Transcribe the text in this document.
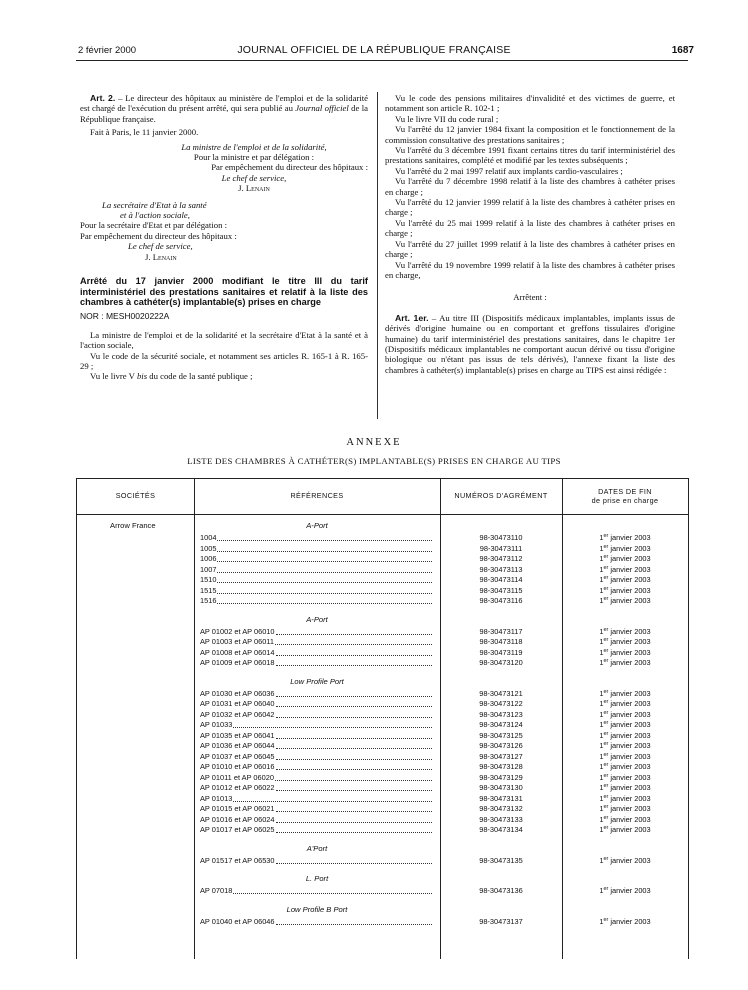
2 février 2000	JOURNAL OFFICIEL DE LA RÉPUBLIQUE FRANÇAISE	1687

Art. 2. – Le directeur des hôpitaux au ministère de l'emploi et de la solidarité est chargé de l'exécution du présent arrêté, qui sera publié au Journal officiel de la République française.

Fait à Paris, le 11 janvier 2000.

La ministre de l'emploi et de la solidarité,

Pour la ministre et par délégation :

Par empêchement du directeur des hôpitaux :

Le chef de service,

J. Lenain

La secrétaire d'Etat à la santé

et à l'action sociale,

Pour la secrétaire d'Etat et par délégation :

Par empêchement du directeur des hôpitaux :

Le chef de service,

J. Lenain

Arrêté du 17 janvier 2000 modifiant le titre III du tarif interministériel des prestations sanitaires et relatif à la liste des chambres à cathéter(s) implantable(s) prises en charge

NOR : MESH0020222A

La ministre de l'emploi et de la solidarité et la secrétaire d'Etat à la santé et à l'action sociale,

Vu le code de la sécurité sociale, et notamment ses articles R. 165-1 à R. 165-29 ;

Vu le livre V bis du code de la santé publique ;

Vu le code des pensions militaires d'invalidité et des victimes de guerre, et notamment son article R. 102-1 ;

Vu le livre VII du code rural ;

Vu l'arrêté du 12 janvier 1984 fixant la composition et le fonctionnement de la commission consultative des prestations sanitaires ;

Vu l'arrêté du 3 décembre 1991 fixant certains titres du tarif interministériel des prestations sanitaires, complété et modifié par les textes subséquents ;

Vu l'arrêté du 2 mai 1997 relatif aux implants cardio-vasculaires ;

Vu l'arrêté du 7 décembre 1998 relatif à la liste des chambres à cathéter prises en charge ;

Vu l'arrêté du 12 janvier 1999 relatif à la liste des chambres à cathéter prises en charge ;

Vu l'arrêté du 25 mai 1999 relatif à la liste des chambres à cathéter prises en charge ;

Vu l'arrêté du 27 juillet 1999 relatif à la liste des chambres à cathéter prises en charge ;

Vu l'arrêté du 19 novembre 1999 relatif à la liste des chambres à cathéter prises en charge,

Arrêtent :

Art. 1er. – Au titre III (Dispositifs médicaux implantables, implants issus de dérivés d'origine humaine ou en comportant et greffons tissulaires d'origine humaine) du tarif interministériel des prestations sanitaires, dans le chapitre 1er (Dispositifs médicaux implantables ne comportant aucun dérivé ou tissu d'origine biologique ou n'étant pas issus de tels dérivés), l'annexe fixant la liste des chambres à cathéter(s) implantable(s) prises en charge au TIPS est ainsi rédigée :

ANNEXE
LISTE DES CHAMBRES À CATHÉTER(S) IMPLANTABLE(S) PRISES EN CHARGE AU TIPS
SOCIÉTÉS	RÉFÉRENCES	NUMÉROS D'AGRÉMENT	DATES DE FIN
de prise en charge
Arrow France	A-Port
1004	98-30473110	1er janvier 2003
1005	98-30473111	1er janvier 2003
1006	98-30473112	1er janvier 2003
1007	98-30473113	1er janvier 2003
1510	98-30473114	1er janvier 2003
1515	98-30473115	1er janvier 2003
1516	98-30473116	1er janvier 2003
A-Port
AP 01002 et AP 06010	98-30473117	1er janvier 2003
AP 01003 et AP 06011	98-30473118	1er janvier 2003
AP 01008 et AP 06014	98-30473119	1er janvier 2003
AP 01009 et AP 06018	98-30473120	1er janvier 2003
Low Profile Port
AP 01030 et AP 06036	98-30473121	1er janvier 2003
AP 01031 et AP 06040	98-30473122	1er janvier 2003
AP 01032 et AP 06042	98-30473123	1er janvier 2003
AP 01033	98-30473124	1er janvier 2003
AP 01035 et AP 06041	98-30473125	1er janvier 2003
AP 01036 et AP 06044	98-30473126	1er janvier 2003
AP 01037 et AP 06045	98-30473127	1er janvier 2003
AP 01010 et AP 06016	98-30473128	1er janvier 2003
AP 01011 et AP 06020	98-30473129	1er janvier 2003
AP 01012 et AP 06022	98-30473130	1er janvier 2003
AP 01013	98-30473131	1er janvier 2003
AP 01015 et AP 06021	98-30473132	1er janvier 2003
AP 01016 et AP 06024	98-30473133	1er janvier 2003
AP 01017 et AP 06025	98-30473134	1er janvier 2003
A'Port
AP 01517 et AP 06530	98-30473135	1er janvier 2003
L. Port
AP 07018	98-30473136	1er janvier 2003
Low Profile B Port
AP 01040 et AP 06046	98-30473137	1er janvier 2003
